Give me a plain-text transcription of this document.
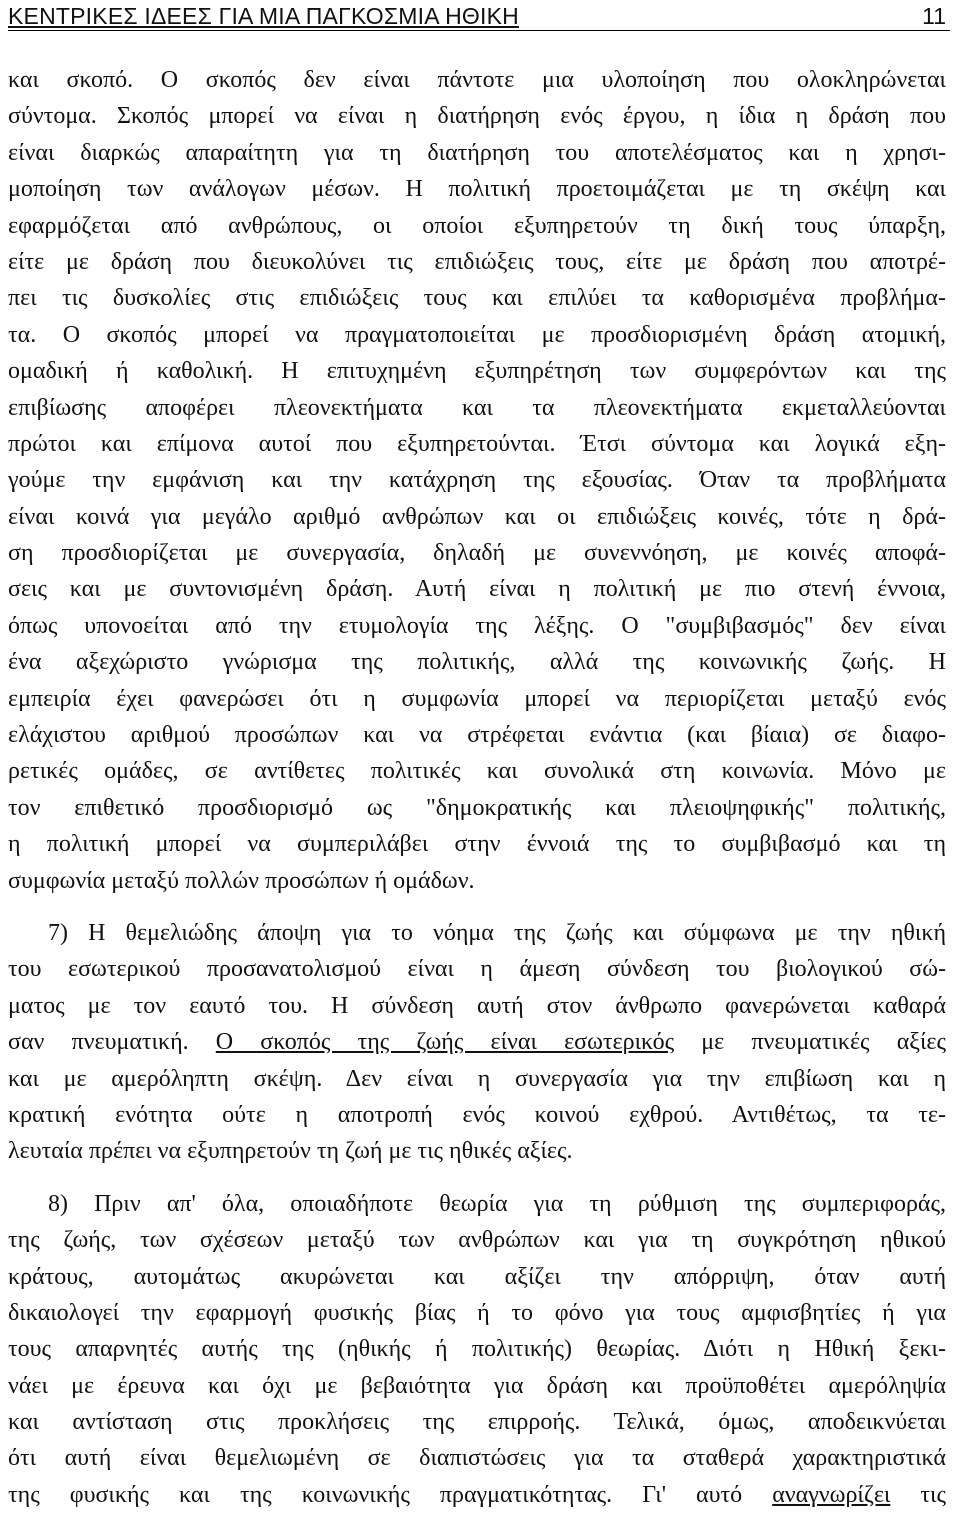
ΚΕΝΤΡΙΚΕΣ ΙΔΕΕΣ ΓΙΑ ΜΙΑ ΠΑΓΚΟΣΜΙΑ ΗΘΙΚΗ	11
και σκοπό. Ο σκοπός δεν είναι πάντοτε μια υλοποίηση που ολοκληρώνεται
σύντομα. Σκοπός μπορεί να είναι η διατήρηση ενός έργου, η ίδια η δράση που
είναι διαρκώς απαραίτητη για τη διατήρηση του αποτελέσματος και η χρησι-
μοποίηση των ανάλογων μέσων. Η πολιτική προετοιμάζεται με τη σκέψη και
εφαρμόζεται από ανθρώπους, οι οποίοι εξυπηρετούν τη δική τους ύπαρξη,
είτε με δράση που διευκολύνει τις επιδιώξεις τους, είτε με δράση που αποτρέ-
πει τις δυσκολίες στις επιδιώξεις τους και επιλύει τα καθορισμένα προβλήμα-
τα. Ο σκοπός μπορεί να πραγματοποιείται με προσδιορισμένη δράση ατομική,
ομαδική ή καθολική. Η επιτυχημένη εξυπηρέτηση των συμφερόντων και της
επιβίωσης αποφέρει πλεονεκτήματα και τα πλεονεκτήματα εκμεταλλεύονται
πρώτοι και επίμονα αυτοί που εξυπηρετούνται. Έτσι σύντομα και λογικά εξη-
γούμε την εμφάνιση και την κατάχρηση της εξουσίας. Όταν τα προβλήματα
είναι κοινά για μεγάλο αριθμό ανθρώπων και οι επιδιώξεις κοινές, τότε η δρά-
ση προσδιορίζεται με συνεργασία, δηλαδή με συνεννόηση, με κοινές αποφά-
σεις και με συντονισμένη δράση. Αυτή είναι η πολιτική με πιο στενή έννοια,
όπως υπονοείται από την ετυμολογία της λέξης. Ο "συμβιβασμός" δεν είναι
ένα αξεχώριστο γνώρισμα της πολιτικής, αλλά της κοινωνικής ζωής. Η
εμπειρία έχει φανερώσει ότι η συμφωνία μπορεί να περιορίζεται μεταξύ ενός
ελάχιστου αριθμού προσώπων και να στρέφεται ενάντια (και βίαια) σε διαφο-
ρετικές ομάδες, σε αντίθετες πολιτικές και συνολικά στη κοινωνία. Μόνο με
τον επιθετικό προσδιορισμό ως "δημοκρατικής και πλειοψηφικής" πολιτικής,
η πολιτική μπορεί να συμπεριλάβει στην έννοιά της το συμβιβασμό και τη
συμφωνία μεταξύ πολλών προσώπων ή ομάδων.
7) Η θεμελιώδης άποψη για το νόημα της ζωής και σύμφωνα με την ηθική
του εσωτερικού προσανατολισμού είναι η άμεση σύνδεση του βιολογικού σώ-
ματος με τον εαυτό του. Η σύνδεση αυτή στον άνθρωπο φανερώνεται καθαρά
σαν πνευματική. Ο σκοπός της ζωής είναι εσωτερικός με πνευματικές αξίες
και με αμερόληπτη σκέψη. Δεν είναι η συνεργασία για την επιβίωση και η
κρατική ενότητα ούτε η αποτροπή ενός κοινού εχθρού. Αντιθέτως, τα τε-
λευταία πρέπει να εξυπηρετούν τη ζωή με τις ηθικές αξίες.
8) Πριν απ' όλα, οποιαδήποτε θεωρία για τη ρύθμιση της συμπεριφοράς,
της ζωής, των σχέσεων μεταξύ των ανθρώπων και για τη συγκρότηση ηθικού
κράτους, αυτομάτως ακυρώνεται και αξίζει την απόρριψη, όταν αυτή
δικαιολογεί την εφαρμογή φυσικής βίας ή το φόνο για τους αμφισβητίες ή για
τους απαρνητές αυτής της (ηθικής ή πολιτικής) θεωρίας. Διότι η Ηθική ξεκι-
νάει με έρευνα και όχι με βεβαιότητα για δράση και προϋποθέτει αμερόληψία
και αντίσταση στις προκλήσεις της επιρροής. Τελικά, όμως, αποδεικνύεται
ότι αυτή είναι θεμελιωμένη σε διαπιστώσεις για τα σταθερά χαρακτηριστικά
της φυσικής και της κοινωνικής πραγματικότητας. Γι' αυτό αναγνωρίζει τις
